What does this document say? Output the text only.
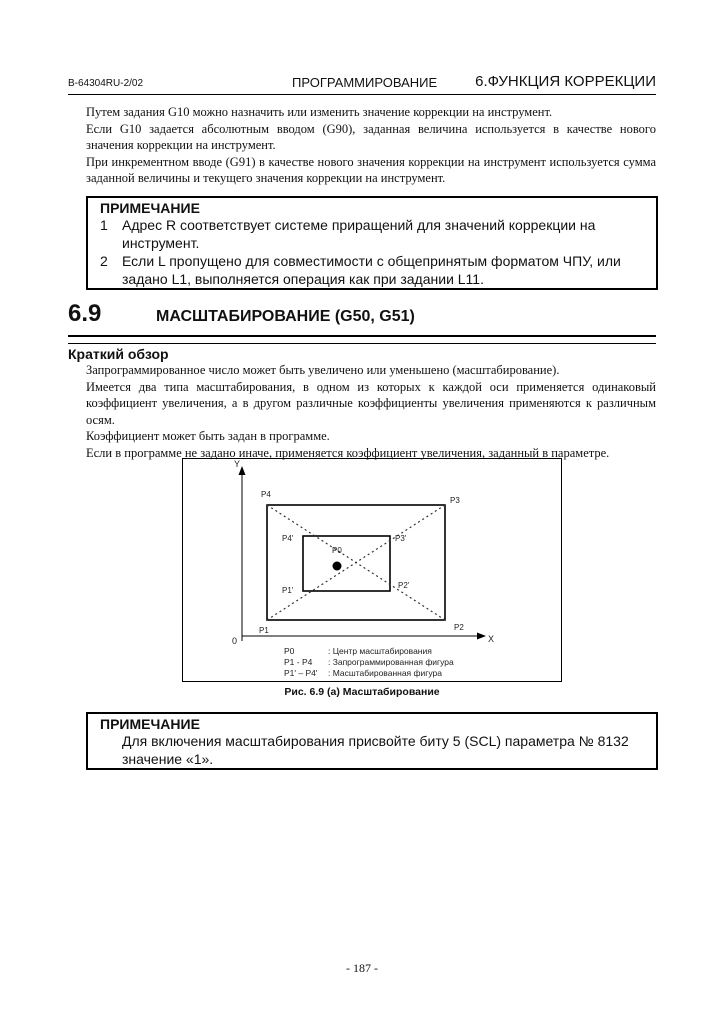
B-64304RU-2/02	ПРОГРАММИРОВАНИЕ	6.ФУНКЦИЯ КОРРЕКЦИИ

Путем задания G10 можно назначить или изменить значение коррекции на инструмент.

Если G10 задается абсолютным вводом (G90), заданная величина используется в качестве нового значения коррекции на инструмент.

При инкрементном вводе (G91) в качестве нового значения коррекции на инструмент используется сумма заданной величины и текущего значения коррекции на инструмент.

ПРИМЕЧАНИЕ
1	Адрес R соответствует системе приращений для значений коррекции на инструмент.
2	Если L пропущено для совместимости с общепринятым форматом ЧПУ, или задано L1, выполняется операция как при задании L11.
6.9	МАСШТАБИРОВАНИЕ (G50, G51)
Краткий обзор

Запрограммированное число может быть увеличено или уменьшено (масштабирование).

Имеется два типа масштабирования, в одном из которых к каждой оси применяется одинаковый коэффициент увеличения, а в другом различные коэффициенты увеличения применяются к различным осям.

Коэффициент может быть задан в программе.

Если в программе не задано иначе, применяется коэффициент увеличения, заданный в параметре.

Y
X
0
P4
P3
P1	P2
P4'	P3'
P1'
P2'
P0
P0	: Центр масштабирования
P1 - P4 : Запрограммированная фигура
P1' – P4' : Масштабированная фигура
Рис. 6.9 (a) Масштабирование
ПРИМЕЧАНИЕ
Для включения масштабирования присвойте биту 5 (SCL) параметра № 8132 значение «1».
- 187 -
